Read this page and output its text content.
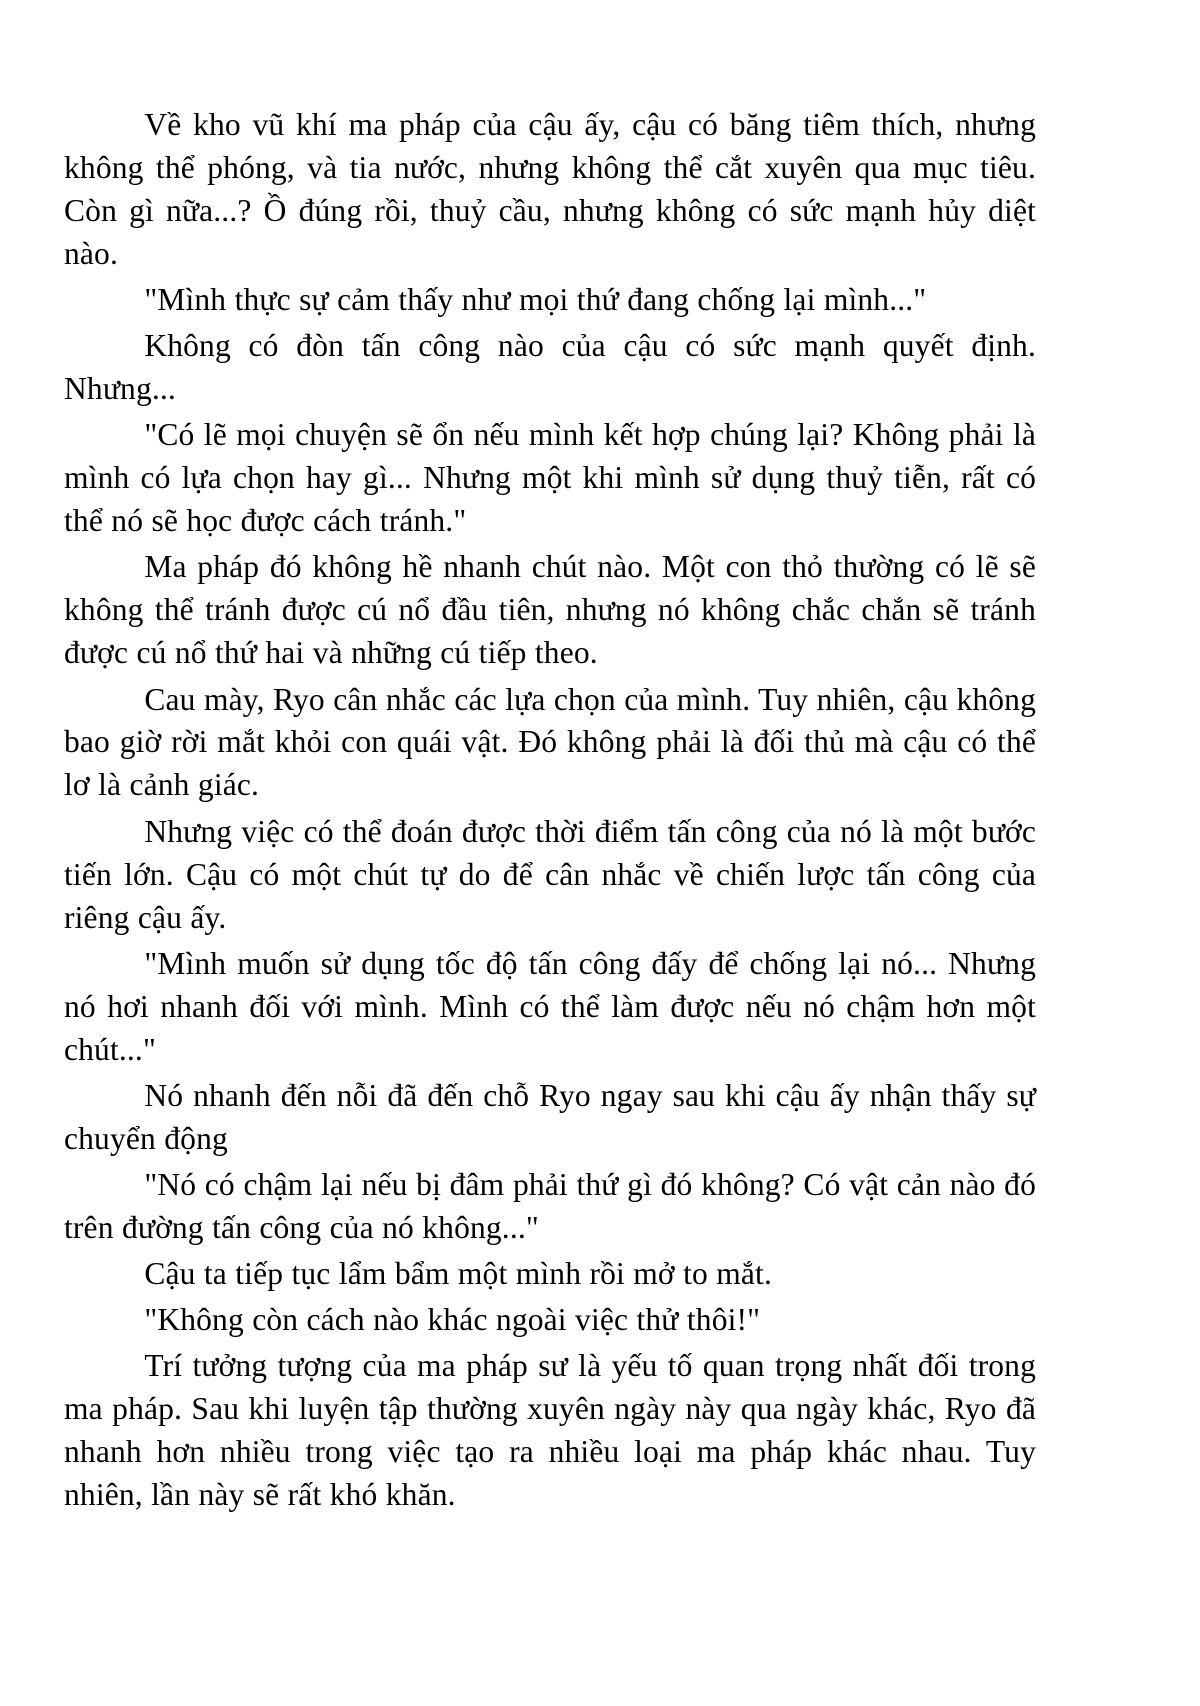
Về kho vũ khí ma pháp của cậu ấy, cậu có băng tiêm thích, nhưng không thể phóng, và tia nước, nhưng không thể cắt xuyên qua mục tiêu. Còn gì nữa...? Ồ đúng rồi, thuỷ cầu, nhưng không có sức mạnh hủy diệt nào.

"Mình thực sự cảm thấy như mọi thứ đang chống lại mình..."

Không có đòn tấn công nào của cậu có sức mạnh quyết định. Nhưng...

"Có lẽ mọi chuyện sẽ ổn nếu mình kết hợp chúng lại? Không phải là mình có lựa chọn hay gì... Nhưng một khi mình sử dụng thuỷ tiễn, rất có thể nó sẽ học được cách tránh."

Ma pháp đó không hề nhanh chút nào. Một con thỏ thường có lẽ sẽ không thể tránh được cú nổ đầu tiên, nhưng nó không chắc chắn sẽ tránh được cú nổ thứ hai và những cú tiếp theo.

Cau mày, Ryo cân nhắc các lựa chọn của mình. Tuy nhiên, cậu không bao giờ rời mắt khỏi con quái vật. Đó không phải là đối thủ mà cậu có thể lơ là cảnh giác.

Nhưng việc có thể đoán được thời điểm tấn công của nó là một bước tiến lớn. Cậu có một chút tự do để cân nhắc về chiến lược tấn công của riêng cậu ấy.

"Mình muốn sử dụng tốc độ tấn công đấy để chống lại nó... Nhưng nó hơi nhanh đối với mình. Mình có thể làm được nếu nó chậm hơn một chút..."

Nó nhanh đến nỗi đã đến chỗ Ryo ngay sau khi cậu ấy nhận thấy sự chuyển động

"Nó có chậm lại nếu bị đâm phải thứ gì đó không? Có vật cản nào đó trên đường tấn công của nó không..."

Cậu ta tiếp tục lẩm bẩm một mình rồi mở to mắt.

"Không còn cách nào khác ngoài việc thử thôi!"

Trí tưởng tượng của ma pháp sư là yếu tố quan trọng nhất đối trong ma pháp. Sau khi luyện tập thường xuyên ngày này qua ngày khác, Ryo đã nhanh hơn nhiều trong việc tạo ra nhiều loại ma pháp khác nhau. Tuy nhiên, lần này sẽ rất khó khăn.
